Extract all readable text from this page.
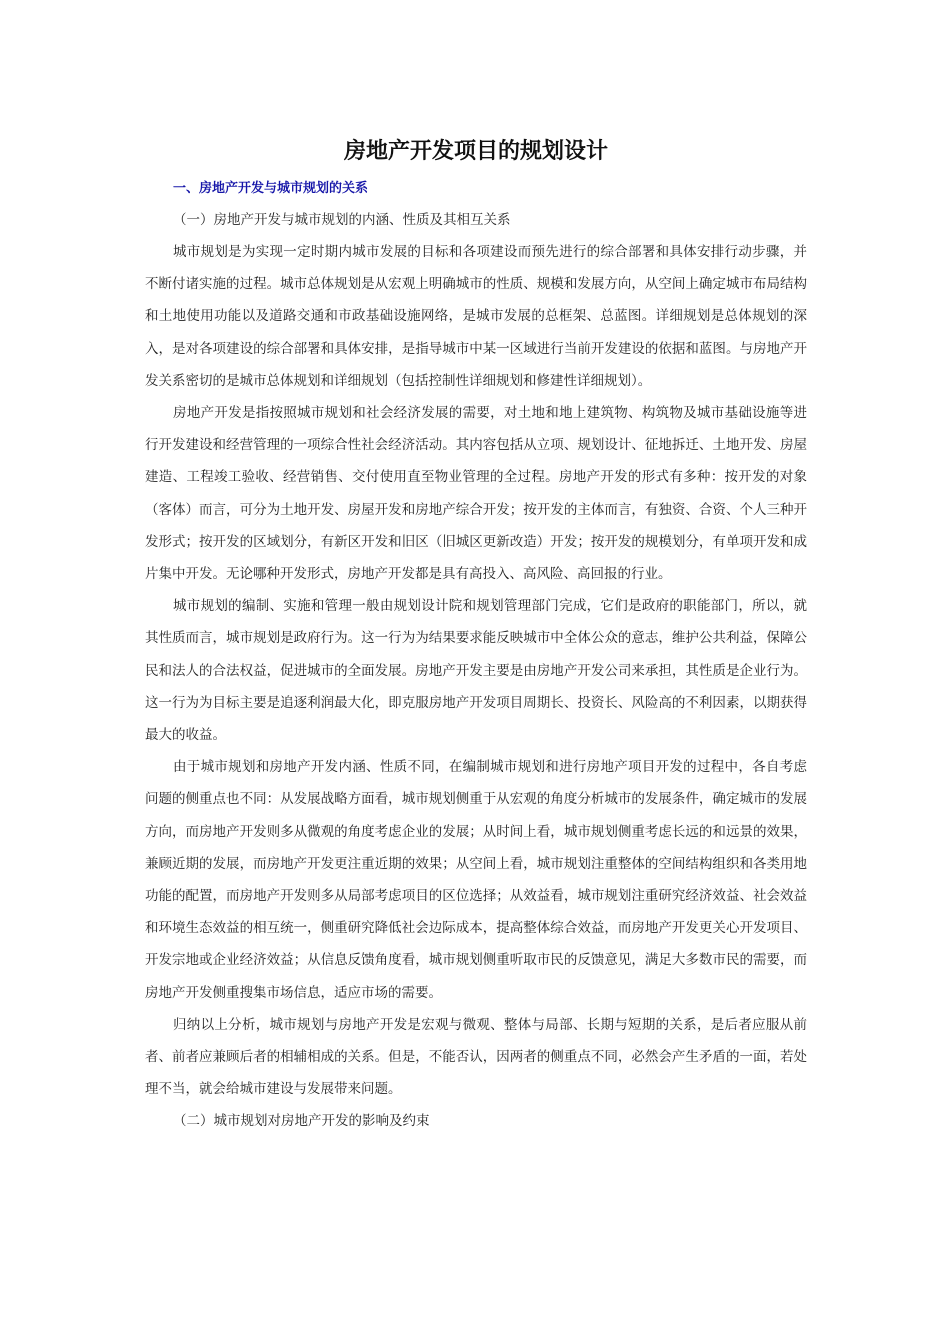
房地产开发项目的规划设计
一、房地产开发与城市规划的关系

（一）房地产开发与城市规划的内涵、性质及其相互关系

城市规划是为实现一定时期内城市发展的目标和各项建设而预先进行的综合部署和具体安排行动步骤，并不断付诸实施的过程。城市总体规划是从宏观上明确城市的性质、规模和发展方向，从空间上确定城市布局结构和土地使用功能以及道路交通和市政基础设施网络，是城市发展的总框架、总蓝图。详细规划是总体规划的深入，是对各项建设的综合部署和具体安排，是指导城市中某一区域进行当前开发建设的依据和蓝图。与房地产开发关系密切的是城市总体规划和详细规划（包括控制性详细规划和修建性详细规划）。

房地产开发是指按照城市规划和社会经济发展的需要，对土地和地上建筑物、构筑物及城市基础设施等进行开发建设和经营管理的一项综合性社会经济活动。其内容包括从立项、规划设计、征地拆迁、土地开发、房屋建造、工程竣工验收、经营销售、交付使用直至物业管理的全过程。房地产开发的形式有多种：按开发的对象（客体）而言，可分为土地开发、房屋开发和房地产综合开发；按开发的主体而言，有独资、合资、个人三种开发形式；按开发的区域划分，有新区开发和旧区（旧城区更新改造）开发；按开发的规模划分，有单项开发和成片集中开发。无论哪种开发形式，房地产开发都是具有高投入、高风险、高回报的行业。

城市规划的编制、实施和管理一般由规划设计院和规划管理部门完成，它们是政府的职能部门，所以，就其性质而言，城市规划是政府行为。这一行为为结果要求能反映城市中全体公众的意志，维护公共利益，保障公民和法人的合法权益，促进城市的全面发展。房地产开发主要是由房地产开发公司来承担，其性质是企业行为。这一行为为目标主要是追逐利润最大化，即克服房地产开发项目周期长、投资长、风险高的不利因素，以期获得最大的收益。

由于城市规划和房地产开发内涵、性质不同，在编制城市规划和进行房地产项目开发的过程中，各自考虑问题的侧重点也不同：从发展战略方面看，城市规划侧重于从宏观的角度分析城市的发展条件，确定城市的发展方向，而房地产开发则多从微观的角度考虑企业的发展；从时间上看，城市规划侧重考虑长远的和远景的效果，兼顾近期的发展，而房地产开发更注重近期的效果；从空间上看，城市规划注重整体的空间结构组织和各类用地功能的配置，而房地产开发则多从局部考虑项目的区位选择；从效益看，城市规划注重研究经济效益、社会效益和环境生态效益的相互统一，侧重研究降低社会边际成本，提高整体综合效益，而房地产开发更关心开发项目、开发宗地或企业经济效益；从信息反馈角度看，城市规划侧重听取市民的反馈意见，满足大多数市民的需要，而房地产开发侧重搜集市场信息，适应市场的需要。

归纳以上分析，城市规划与房地产开发是宏观与微观、整体与局部、长期与短期的关系，是后者应服从前者、前者应兼顾后者的相辅相成的关系。但是，不能否认，因两者的侧重点不同，必然会产生矛盾的一面，若处理不当，就会给城市建设与发展带来问题。

（二）城市规划对房地产开发的影响及约束
